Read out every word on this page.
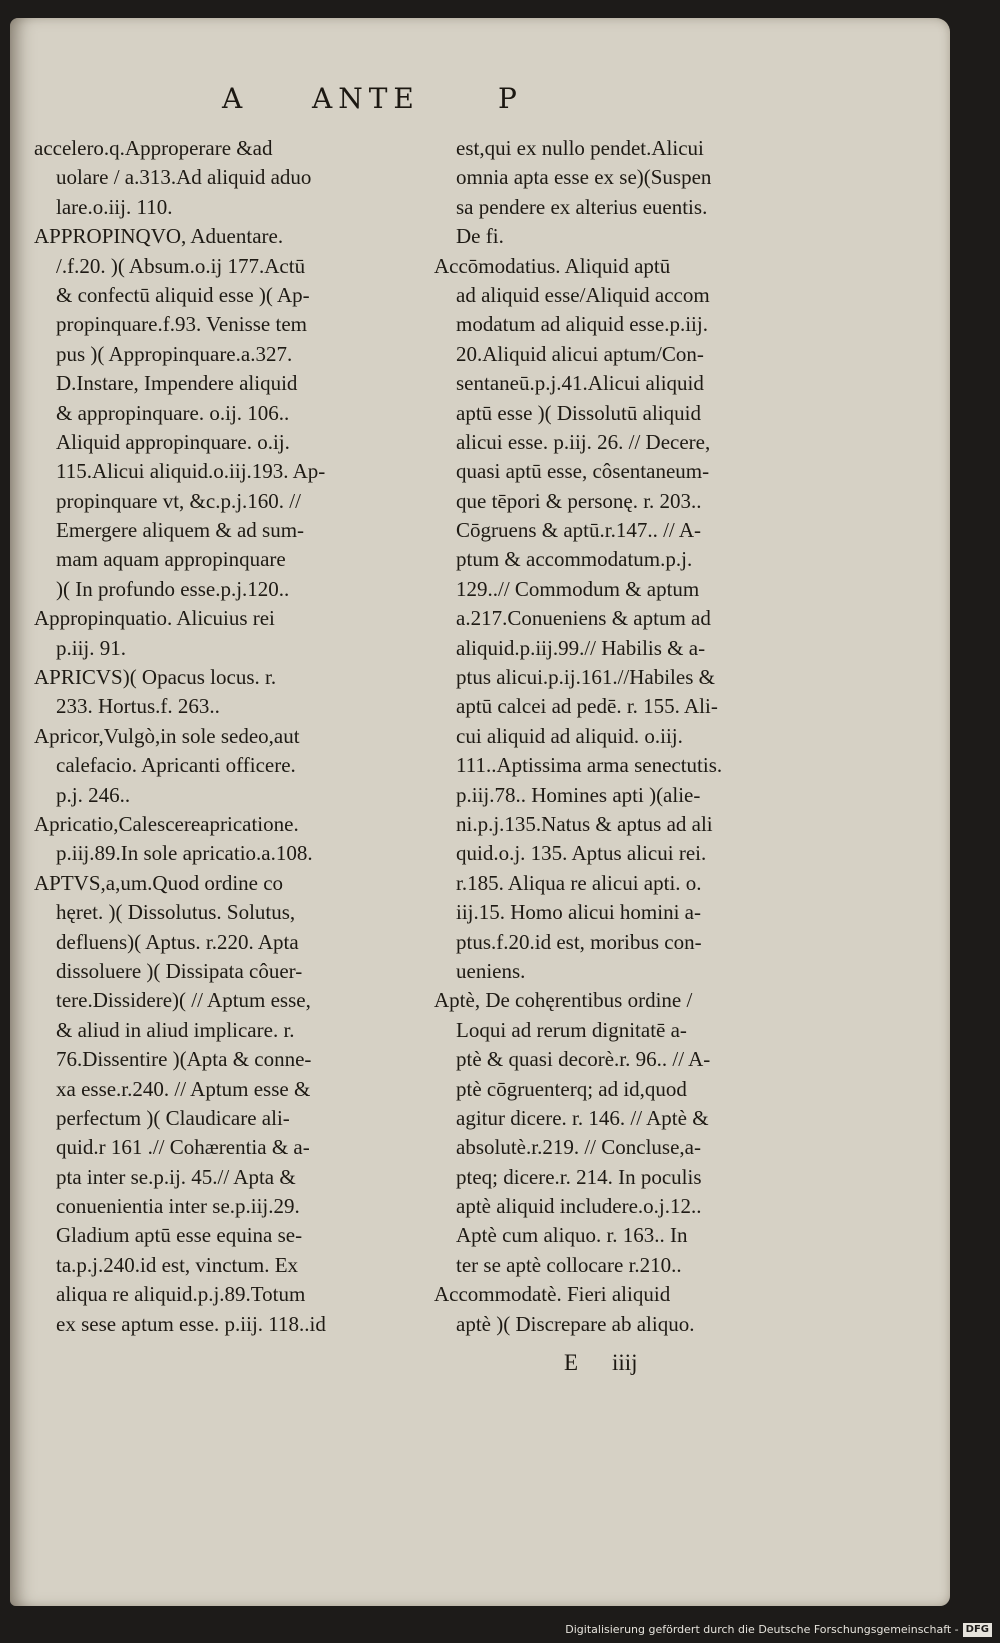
A ANTE	P
accelero.q.Approperare &ad
uolare / a.313.Ad aliquid aduo
lare.o.iij. 110.
APPROPINQVO, Aduentare.
/.f.20. )( Absum.o.ij 177.Actū
& confectū aliquid esse )( Ap-
propinquare.f.93. Venisse tem
pus )( Appropinquare.a.327.
D.Instare, Impendere aliquid
& appropinquare. o.ij. 106..
Aliquid appropinquare. o.ij.
115.Alicui aliquid.o.iij.193. Ap-
propinquare vt, &c.p.j.160. //
Emergere aliquem & ad sum-
mam aquam appropinquare
)( In profundo esse.p.j.120..
Appropinquatio. Alicuius rei
p.iij. 91.
APRICVS)( Opacus locus. r.
233. Hortus.f. 263..
Apricor,Vulgò,in sole sedeo,aut
calefacio. Apricanti officere.
p.j. 246..
Apricatio,Calescereapricatione.
p.iij.89.In sole apricatio.a.108.
APTVS,a,um.Quod ordine co
hęret. )( Dissolutus. Solutus,
defluens)( Aptus. r.220. Apta
dissoluere )( Dissipata côuer-
tere.Dissidere)( // Aptum esse,
& aliud in aliud implicare. r.
76.Dissentire )(Apta & conne-
xa esse.r.240. // Aptum esse &
perfectum )( Claudicare ali-
quid.r 161 .// Cohærentia & a-
pta inter se.p.ij. 45.// Apta &
conuenientia inter se.p.iij.29.
Gladium aptū esse equina se-
ta.p.j.240.id est, vinctum. Ex
aliqua re aliquid.p.j.89.Totum
ex sese aptum esse. p.iij. 118..id
est,qui ex nullo pendet.Alicui
omnia apta esse ex se)(Suspen
sa pendere ex alterius euentis.
De fi.
Accōmodatius. Aliquid aptū
ad aliquid esse/Aliquid accom
modatum ad aliquid esse.p.iij.
20.Aliquid alicui aptum/Con-
sentaneū.p.j.41.Alicui aliquid
aptū esse )( Dissolutū aliquid
alicui esse. p.iij. 26. // Decere,
quasi aptū esse, côsentaneum-
que tēpori & personę. r. 203..
Cōgruens & aptū.r.147.. // A-
ptum & accommodatum.p.j.
129..// Commodum & aptum
a.217.Conueniens & aptum ad
aliquid.p.iij.99.// Habilis & a-
ptus alicui.p.ij.161.//Habiles &
aptū calcei ad pedē. r. 155. Ali-
cui aliquid ad aliquid. o.iij.
111..Aptissima arma senectutis.
p.iij.78.. Homines apti )(alie-
ni.p.j.135.Natus & aptus ad ali
quid.o.j. 135. Aptus alicui rei.
r.185. Aliqua re alicui apti. o.
iij.15. Homo alicui homini a-
ptus.f.20.id est, moribus con-
ueniens.
Aptè, De cohęrentibus ordine /
Loqui ad rerum dignitatē a-
ptè & quasi decorè.r. 96.. // A-
ptè cōgruenterq; ad id,quod
agitur dicere. r. 146. // Aptè &
absolutè.r.219. // Concluse,a-
pteq; dicere.r. 214. In poculis
aptè aliquid includere.o.j.12..
Aptè cum aliquo. r. 163.. In
ter se aptè collocare r.210..
Accommodatè. Fieri aliquid
aptè )( Discrepare ab aliquo.
E iiij
Digitalisierung gefördert durch die Deutsche Forschungsgemeinschaft - DFG
